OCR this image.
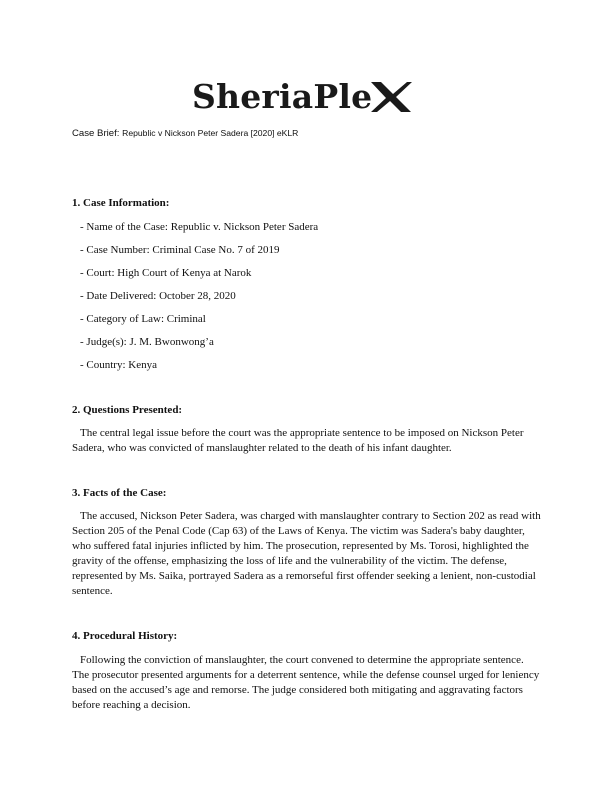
SheriaPle
Case Brief: Republic v Nickson Peter Sadera [2020] eKLR
1. Case Information:
- Name of the Case: Republic v. Nickson Peter Sadera
- Case Number: Criminal Case No. 7 of 2019
- Court: High Court of Kenya at Narok
- Date Delivered: October 28, 2020
- Category of Law: Criminal
- Judge(s): J. M. Bwonwong’a
- Country: Kenya
2. Questions Presented:

The central legal issue before the court was the appropriate sentence to be imposed on Nickson Peter Sadera, who was convicted of manslaughter related to the death of his infant daughter.

3. Facts of the Case:

The accused, Nickson Peter Sadera, was charged with manslaughter contrary to Section 202 as read with Section 205 of the Penal Code (Cap 63) of the Laws of Kenya. The victim was Sadera's baby daughter, who suffered fatal injuries inflicted by him. The prosecution, represented by Ms. Torosi, highlighted the gravity of the offense, emphasizing the loss of life and the vulnerability of the victim. The defense, represented by Ms. Saika, portrayed Sadera as a remorseful first offender seeking a lenient, non-custodial sentence.

4. Procedural History:

Following the conviction of manslaughter, the court convened to determine the appropriate sentence. The prosecutor presented arguments for a deterrent sentence, while the defense counsel urged for leniency based on the accused’s age and remorse. The judge considered both mitigating and aggravating factors before reaching a decision.
